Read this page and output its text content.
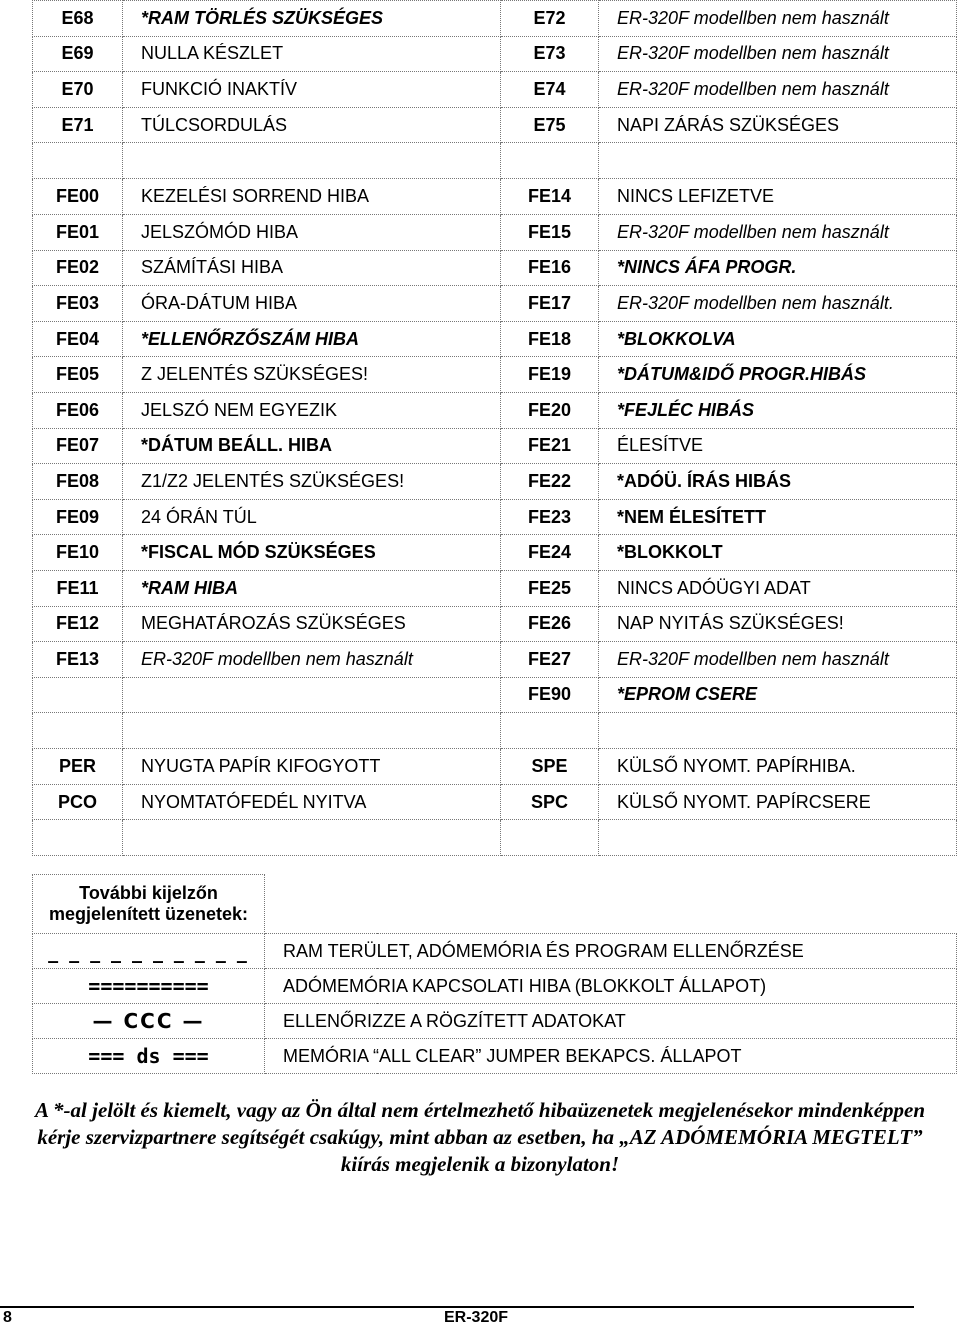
E68	*RAM TÖRLÉS SZÜKSÉGES	E72	ER-320F modellben nem használt
E69	NULLA KÉSZLET	E73	ER-320F modellben nem használt
E70	FUNKCIÓ INAKTÍV	E74	ER-320F modellben nem használt
E71	TÚLCSORDULÁS	E75	NAPI ZÁRÁS SZÜKSÉGES

FE00	KEZELÉSI SORREND HIBA	FE14	NINCS LEFIZETVE
FE01	JELSZÓMÓD HIBA	FE15	ER-320F modellben nem használt
FE02	SZÁMÍTÁSI HIBA	FE16	*NINCS ÁFA PROGR.
FE03	ÓRA-DÁTUM HIBA	FE17	ER-320F modellben nem használt.
FE04	*ELLENŐRZŐSZÁM HIBA	FE18	*BLOKKOLVA
FE05	Z JELENTÉS SZÜKSÉGES!	FE19	*DÁTUM&IDŐ PROGR.HIBÁS
FE06	JELSZÓ NEM EGYEZIK	FE20	*FEJLÉC HIBÁS
FE07	*DÁTUM BEÁLL. HIBA	FE21	ÉLESÍTVE
FE08	Z1/Z2 JELENTÉS SZÜKSÉGES!	FE22	*ADÓÜ. ÍRÁS HIBÁS
FE09	24 ÓRÁN TÚL	FE23	*NEM ÉLESÍTETT
FE10	*FISCAL MÓD SZÜKSÉGES	FE24	*BLOKKOLT
FE11	*RAM HIBA	FE25	NINCS ADÓÜGYI ADAT
FE12	MEGHATÁROZÁS SZÜKSÉGES	FE26	NAP NYITÁS SZÜKSÉGES!
FE13	ER-320F modellben nem használt	FE27	ER-320F modellben nem használt
		FE90	*EPROM CSERE

PER	NYUGTA PAPÍR KIFOGYOTT	SPE	KÜLSŐ NYOMT. PAPÍRHIBA.
PCO	NYOMTATÓFEDÉL NYITVA	SPC	KÜLSŐ NYOMT. PAPÍRCSERE

További kijelzőn megjelenített üzenetek:		
_ _ _ _ _ _ _ _ _ _	RAM TERÜLET, ADÓMEMÓRIA ÉS PROGRAM ELLENŐRZÉSE	
==========	ADÓMEMÓRIA KAPCSOLATI HIBA (BLOKKOLT ÁLLAPOT)	
— CCC —	ELLENŐRIZZE A RÖGZÍTETT ADATOKAT	
=== ds ===	MEMÓRIA “ALL CLEAR” JUMPER BEKAPCS. ÁLLAPOT	
A *-al jelölt és kiemelt, vagy az Ön által nem értelmezhető hibaüzenetek megjelenésekor mindenképpen kérje szervizpartnere segítségét csakúgy, mint abban az esetben, ha „AZ ADÓMEMÓRIA MEGTELT” kiírás megjelenik a bizonylaton!
8	ER-320F
